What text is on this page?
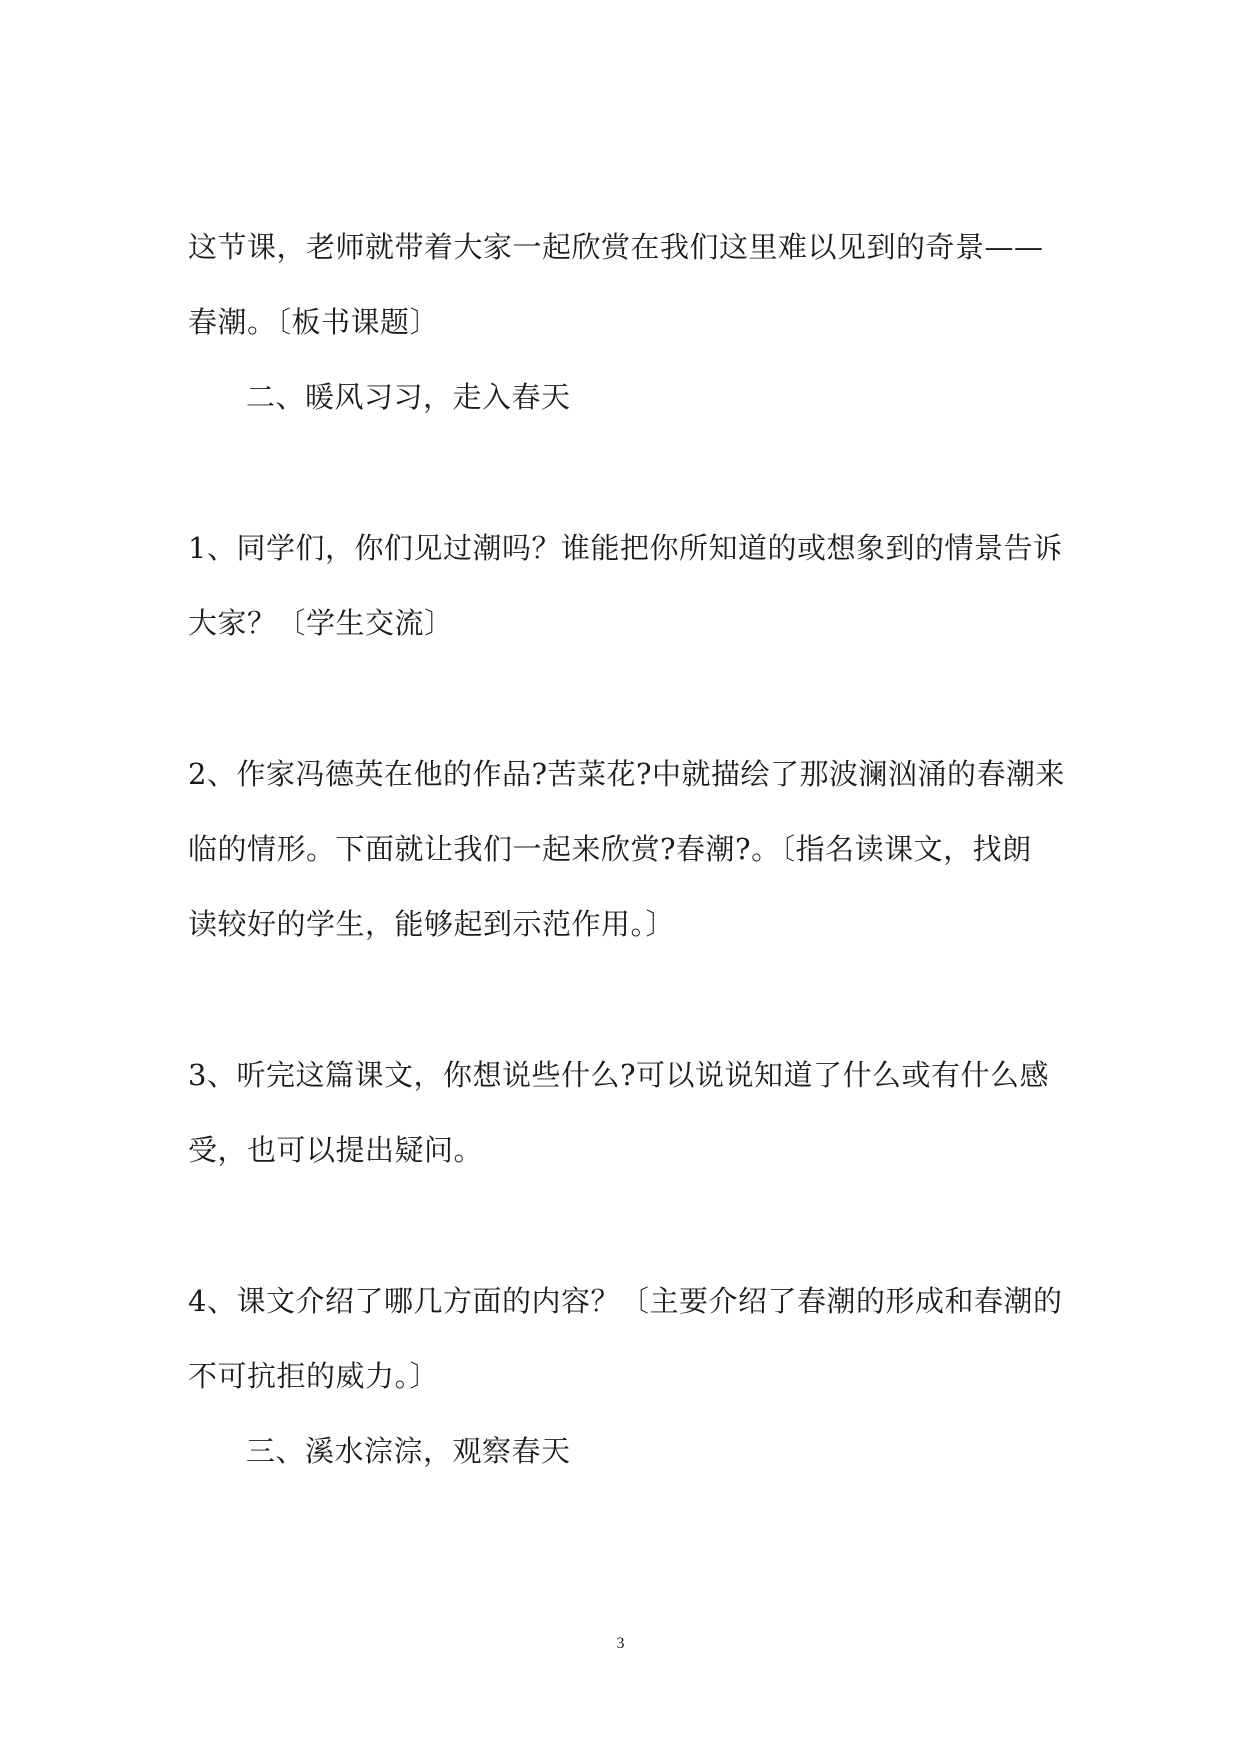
这节课，老师就带着大家一起欣赏在我们这里难以见到的奇景——
春潮。〔板书课题〕
二、暖风习习，走入春天
1、同学们，你们见过潮吗？谁能把你所知道的或想象到的情景告诉
大家？〔学生交流〕
2、作家冯德英在他的作品?苦菜花?中就描绘了那波澜汹涌的春潮来
临的情形。下面就让我们一起来欣赏?春潮?。〔指名读课文，找朗
读较好的学生，能够起到示范作用。〕
3、听完这篇课文，你想说些什么?可以说说知道了什么或有什么感
受，也可以提出疑问。
4、课文介绍了哪几方面的内容？〔主要介绍了春潮的形成和春潮的
不可抗拒的威力。〕
三、溪水淙淙，观察春天
3
